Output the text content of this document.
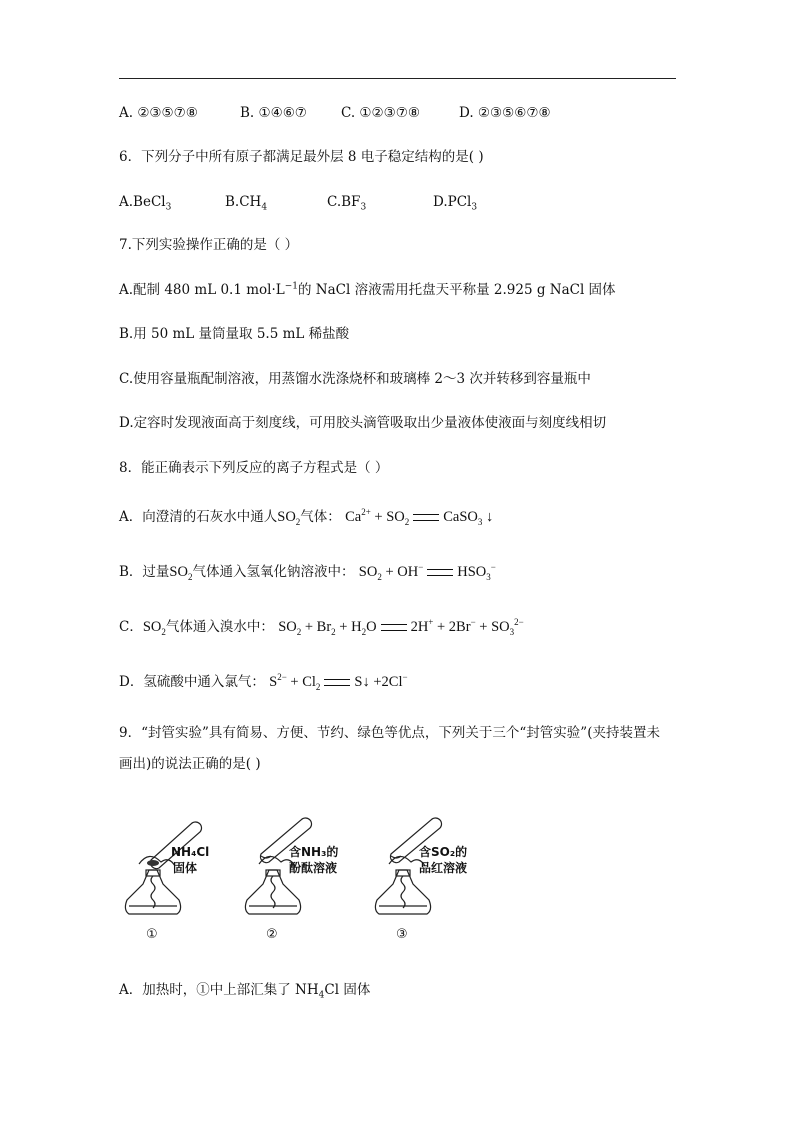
A. ②③⑤⑦⑧	B. ①④⑥⑦	C. ①②③⑦⑧	D. ②③⑤⑥⑦⑧
6．下列分子中所有原子都满足最外层 8 电子稳定结构的是( )
A.BeCl$_3$	$B.CH_4$	$C.BF_3$	D.PCl$_3$
7.下列实验操作正确的是（ ）
A.配制 480 mL 0.1 $mol\cdot L^{-1}$的 NaCl 溶液需用托盘天平称量 2.925 g NaCl 固体
B.用 50 mL 量筒量取 5.5 mL 稀盐酸
C.使用容量瓶配制溶液，用蒸馏水洗涤烧杯和玻璃棒 2～3 次并转移到容量瓶中
D.定容时发现液面高于刻度线，可用胶头滴管吸取出少量液体使液面与刻度线相切
8．能正确表示下列反应的离子方程式是（ ）
A．向澄清的石灰水中通人$SO_2$气体： $Ca^{2+} + SO_2$ CaSO$_3$ ↓
B．过量$SO_2$气体通入氢氧化钠溶液中： $SO_2 + OH^-$ $HSO_3^-$
C．$SO_2$气体通入溴水中： $SO_2 + Br_2 + H_2O$ $2H^+ + 2Br^- + SO_3^{2-}$
D．氢硫酸中通入氯气： $S^{2-} + Cl_2$ S↓ +2Cl−
9．“封管实验”具有简易、方便、节约、绿色等优点，下列关于三个“封管实验”(夹持装置未
画出)的说法正确的是( )
NH₄Cl
固体
含NH₃的
酚酞溶液
含SO₂的
品红溶液
①	②	③
A．加热时，①中上部汇集了 $NH_4Cl$ 固体
